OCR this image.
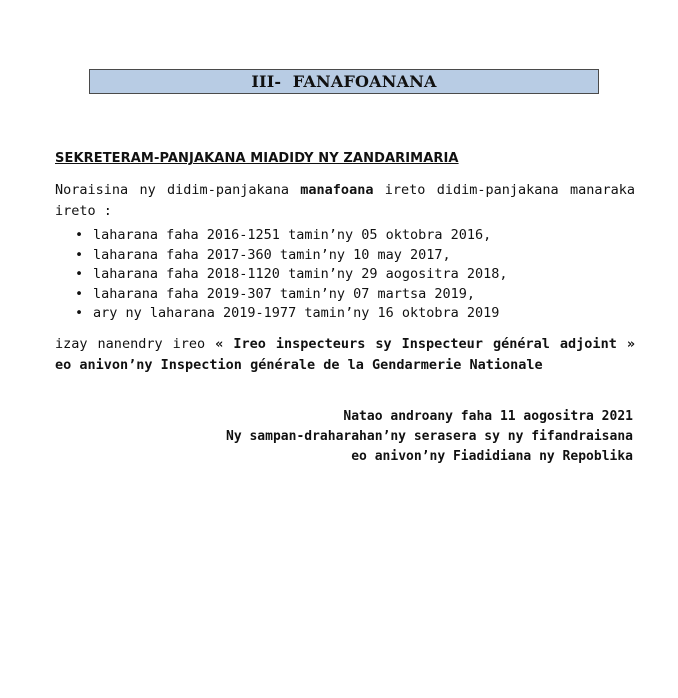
III-  FANAFOANANA
SEKRETERAM-PANJAKANA MIADIDY NY ZANDARIMARIA
Noraisina ny didim-panjakana manafoana ireto didim-panjakana manaraka ireto :
• laharana faha 2016-1251 tamin’ny 05 oktobra 2016,
• laharana faha 2017-360 tamin’ny 10 may 2017,
• laharana faha 2018-1120 tamin’ny 29 aogositra 2018,
• laharana faha 2019-307 tamin’ny 07 martsa 2019,
• ary ny laharana 2019-1977 tamin’ny 16 oktobra 2019
izay nanendry ireo « Ireo inspecteurs sy Inspecteur général adjoint » eo anivon’ny Inspection générale de la Gendarmerie Nationale
Natao androany faha 11 aogositra 2021
Ny sampan-draharahan’ny serasera sy ny fifandraisana
eo anivon’ny Fiadidiana ny Repoblika
